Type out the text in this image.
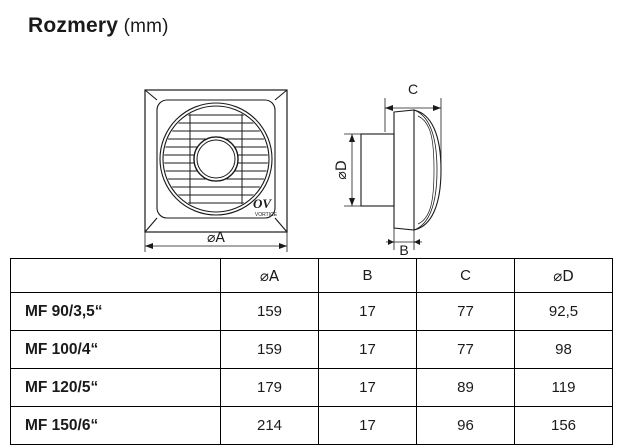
Rozmery (mm)
⌀A
C
⌀D
B
OV
VORTICE
	⌀A	B	C	⌀D
MF 90/3,5“	159	17	77	92,5
MF 100/4“	159	17	77	98
MF 120/5“	179	17	89	119
MF 150/6“	214	17	96	156
